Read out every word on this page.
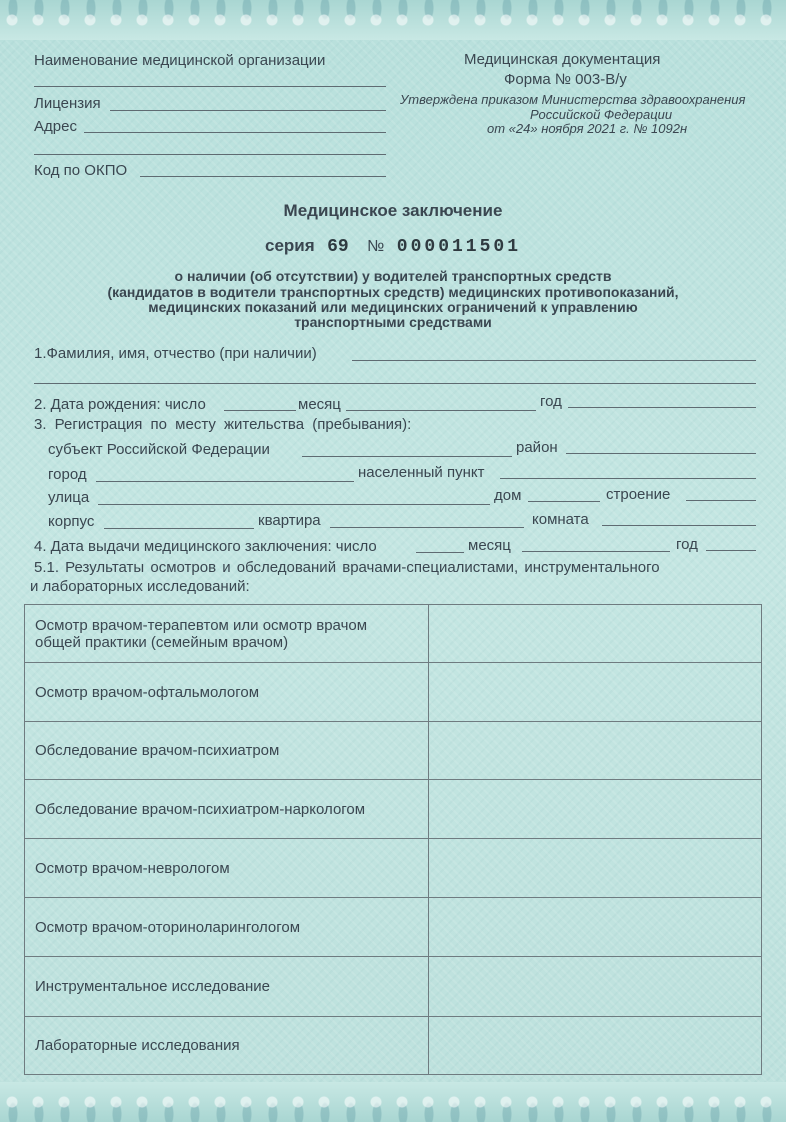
Наименование медицинской организации
Лицензия
Адрес
Код по ОКПО
Медицинская документация
Форма № 003-В/у
Утверждена приказом Министерства здравоохранения
Российской Федерации
от «24» ноября 2021 г. № 1092н
Медицинское заключение
серия 69 № 000011501
о наличии (об отсутствии) у водителей транспортных средств
(кандидатов в водители транспортных средств) медицинских противопоказаний,
медицинских показаний или медицинских ограничений к управлению
транспортными средствами
1.Фамилия, имя, отчество (при наличии)
2. Дата рождения: число	месяц	год
3. Регистрация по месту жительства (пребывания):
субъект Российской Федерации	район
город	населенный пункт
улица	дом	строение
корпус	квартира	комната
4. Дата выдачи медицинского заключения: число	месяц	год
5.1. Результаты осмотров и обследований врачами-специалистами, инструментального
и лабораторных исследований:
Осмотр врачом-терапевтом или осмотр врачом
общей практики (семейным врачом)	

Осмотр врачом-офтальмологом	
Обследование врачом-психиатром	
Обследование врачом-психиатром-наркологом	
Осмотр врачом-неврологом	
Осмотр врачом-оториноларингологом	
Инструментальное исследование	
Лабораторные исследования	
